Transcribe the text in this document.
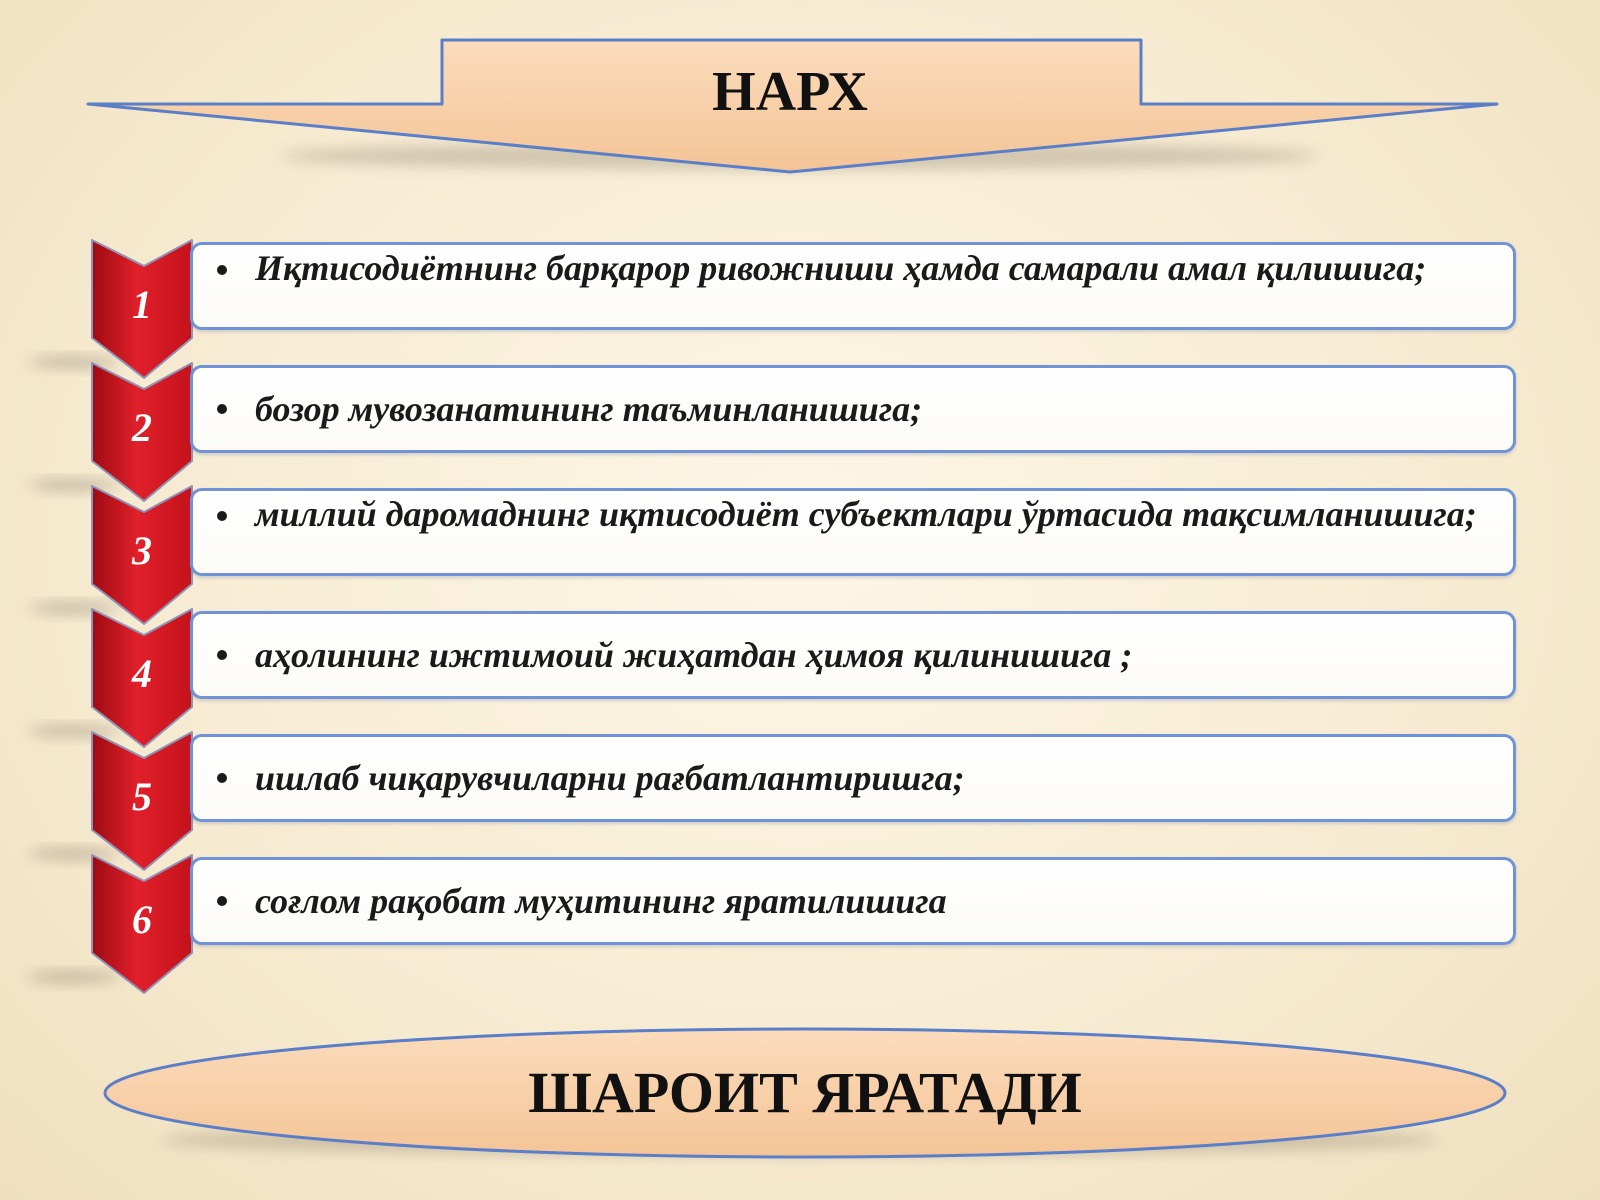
НАРХ
1
2
3
4
5
6
ШАРОИТ ЯРАТАДИ

Иқтисодиётнинг барқарор ривожниши ҳамда самарали амал қилишига;

бозор мувозанатининг таъминланишига;

миллий даромаднинг иқтисодиёт субъектлари ўртасида тақсимланишига;

аҳолининг ижтимоий жиҳатдан ҳимоя қилинишига ;

ишлаб чиқарувчиларни рағбатлантиришга;

соғлом рақобат муҳитининг яратилишига
